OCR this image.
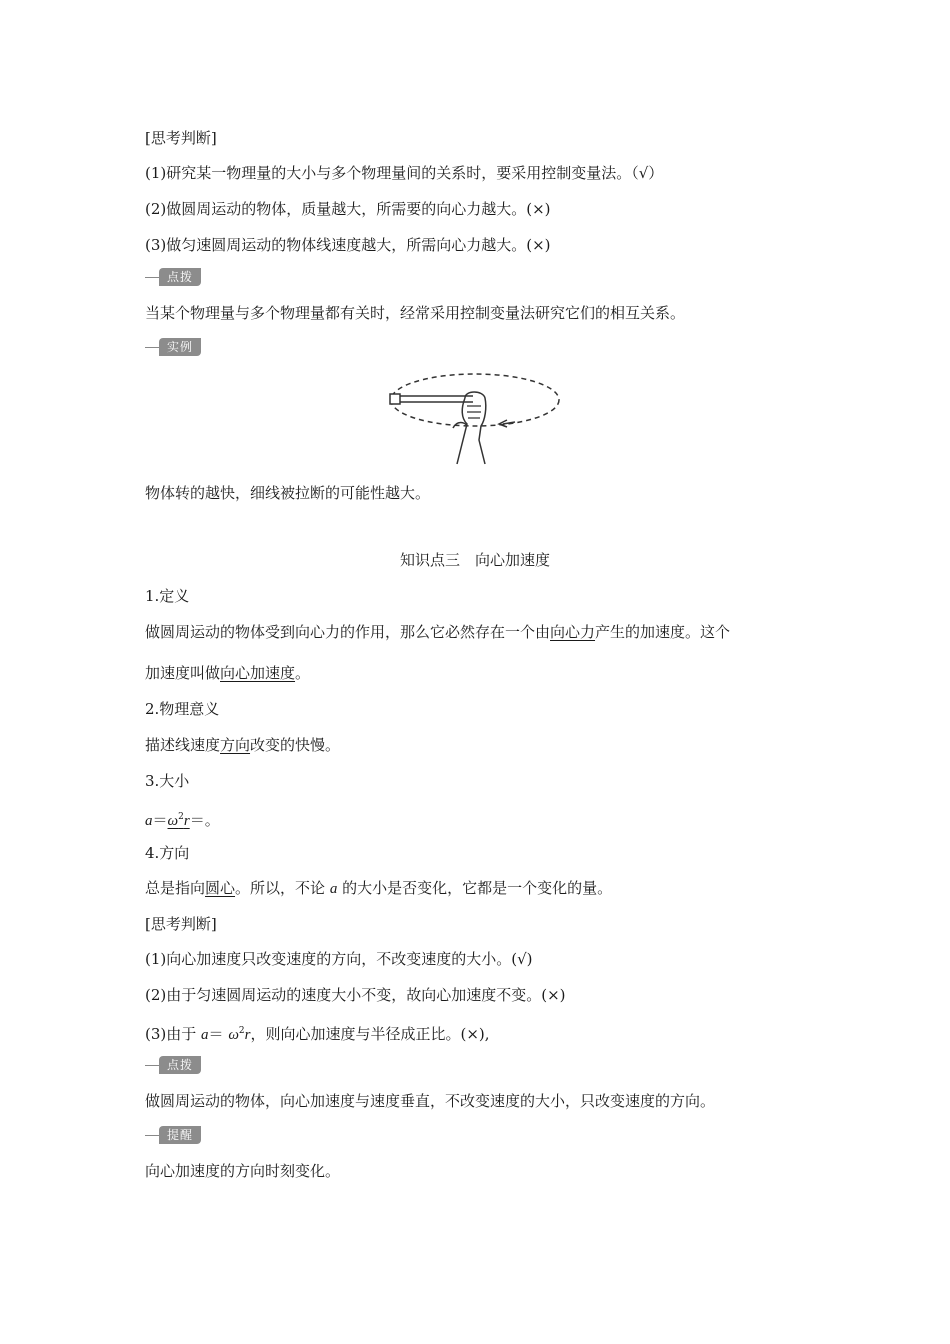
[思考判断]
(1)研究某一物理量的大小与多个物理量间的关系时，要采用控制变量法。（√）
(2)做圆周运动的物体，质量越大，所需要的向心力越大。(×)
(3)做匀速圆周运动的物体线速度越大，所需向心力越大。(×)
点拨
当某个物理量与多个物理量都有关时，经常采用控制变量法研究它们的相互关系。
实例
物体转的越快，细线被拉断的可能性越大。
知识点三　向心加速度
1.定义
做圆周运动的物体受到向心力的作用，那么它必然存在一个由向心力产生的加速度。这个
加速度叫做向心加速度。
2.物理意义
描述线速度方向改变的快慢。
3.大小
$a=\omega^2r=$。
4.方向
总是指向圆心。所以，不论 a 的大小是否变化，它都是一个变化的量。
[思考判断]
(1)向心加速度只改变速度的方向，不改变速度的大小。(√)
(2)由于匀速圆周运动的速度大小不变，故向心加速度不变。(×)
(3)由于 $a= \omega^2r$，则向心加速度与半径成正比。(×),
点拨
做圆周运动的物体，向心加速度与速度垂直，不改变速度的大小，只改变速度的方向。
提醒
向心加速度的方向时刻变化。
